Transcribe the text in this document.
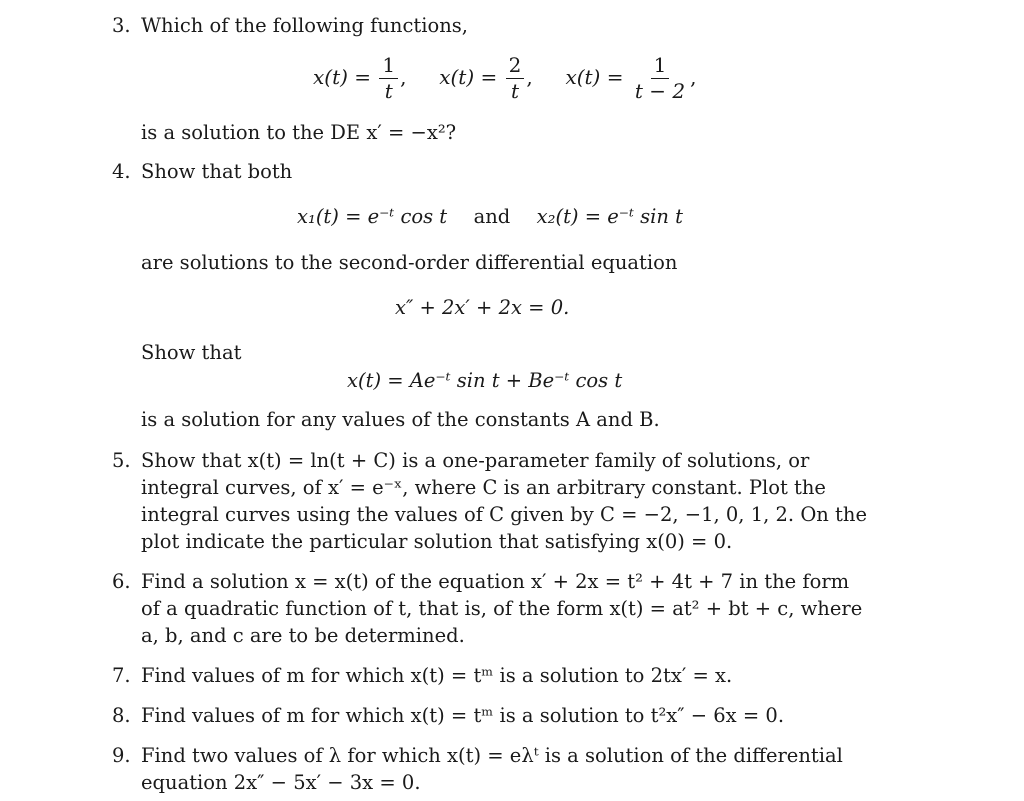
3. Which of the following functions,
$x(t) = \frac{1}{t}$ , $x(t) = \frac{2}{t}$ , $x(t) = \frac{1}{t - 2}$ ,
is a solution to the DE x′ = −x²?
4. Show that both
x₁(t) = e⁻ᵗ cos t and x₂(t) = e⁻ᵗ sin t
are solutions to the second-order differential equation
x″ + 2x′ + 2x = 0.
Show that
x(t) = Ae⁻ᵗ sin t + Be⁻ᵗ cos t
is a solution for any values of the constants A and B.
5. Show that x(t) = ln(t + C) is a one-parameter family of solutions, or
integral curves, of x′ = e⁻ˣ, where C is an arbitrary constant. Plot the
integral curves using the values of C given by C = −2, −1, 0, 1, 2. On the
plot indicate the particular solution that satisfying x(0) = 0.
6. Find a solution x = x(t) of the equation x′ + 2x = t² + 4t + 7 in the form
of a quadratic function of t, that is, of the form x(t) = at² + bt + c, where
a, b, and c are to be determined.
7. Find values of m for which x(t) = tᵐ is a solution to 2tx′ = x.
8. Find values of m for which x(t) = tᵐ is a solution to t²x″ − 6x = 0.
9. Find two values of λ for which x(t) = eλᵗ is a solution of the differential
equation 2x″ − 5x′ − 3x = 0.
